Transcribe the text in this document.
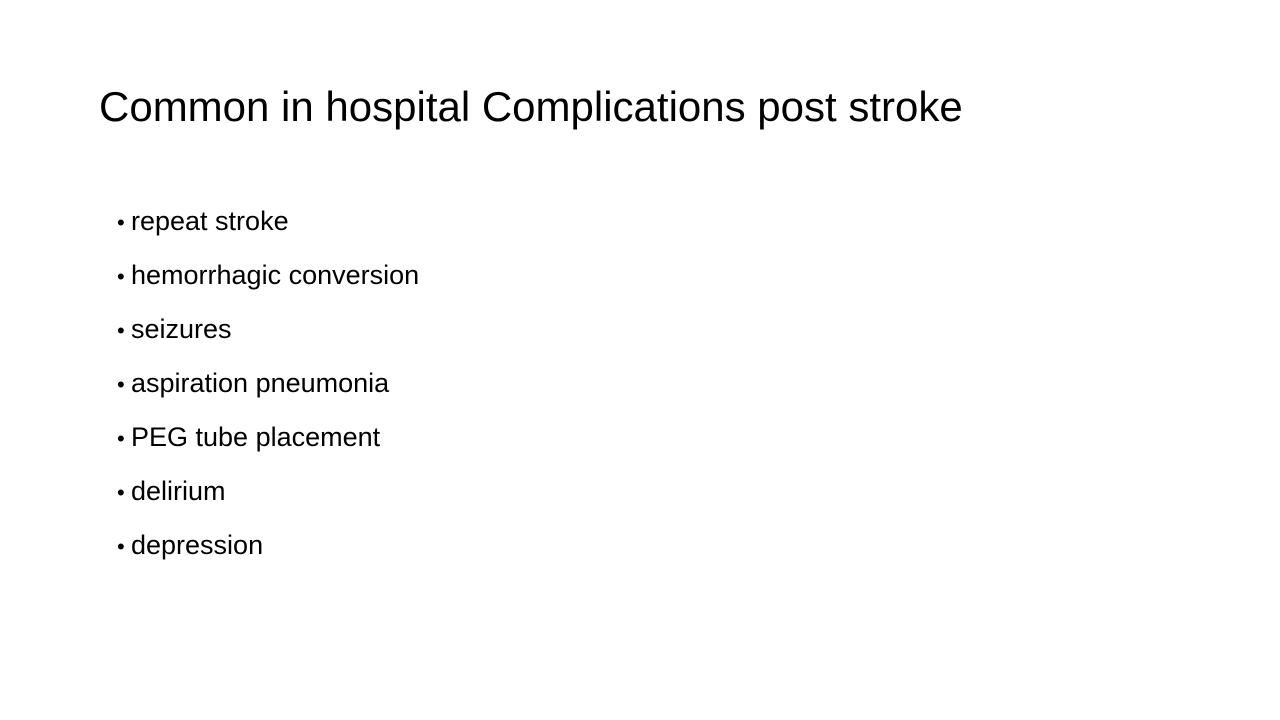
Common in hospital Complications post stroke
• repeat stroke
• hemorrhagic conversion
• seizures
• aspiration pneumonia
• PEG tube placement
• delirium
• depression
